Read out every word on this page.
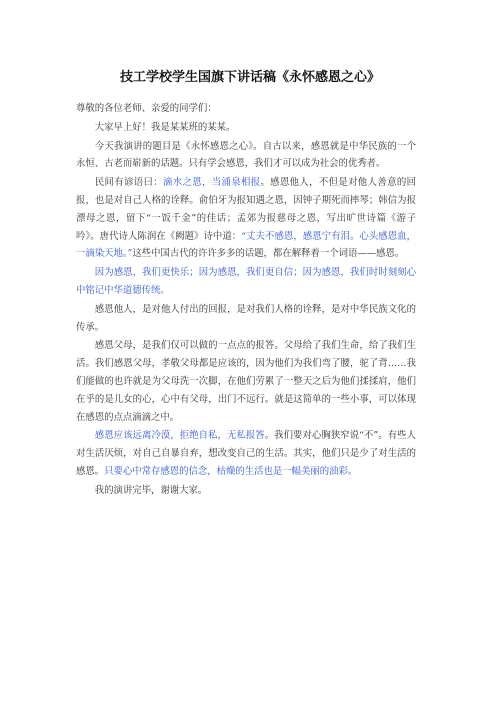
技工学校学生国旗下讲话稿《永怀感恩之心》

尊敬的各位老师、亲爱的同学们：

大家早上好！我是某某班的某某。

今天我演讲的题目是《永怀感恩之心》。自古以来，感恩就是中华民族的一个永恒、古老而崭新的话题。只有学会感恩，我们才可以成为社会的优秀者。

民间有谚语曰：滴水之恩，当涌泉相报。感恩他人，不但是对他人善意的回报，也是对自己人格的诠释。俞伯牙为报知遇之恩，因钟子期死而摔琴；韩信为报漂母之恩，留下“一饭千金”的佳话；孟郊为报慈母之恩，写出旷世诗篇《游子吟》。唐代诗人陈润在《阙题》诗中道：“丈夫不感恩，感恩宁有泪。心头感恩血，一滴染天地。”这些中国古代的许许多多的话题，都在解释着一个词语——感恩。

因为感恩，我们更快乐；因为感恩，我们更自信；因为感恩，我们时时刻刻心中铭记中华道德传统。

感恩他人，是对他人付出的回报，是对我们人格的诠释，是对中华民族文化的传承。

感恩父母，是我们仅可以做的一点点的报答。父母给了我们生命，给了我们生活。我们感恩父母，孝敬父母都是应该的，因为他们为我们弯了腰，驼了背……我们能做的也许就是为父母洗一次脚，在他们劳累了一整天之后为他们揉揉肩，他们在乎的是儿女的心，心中有父母，出门不远行。就是这简单的一些小事，可以体现在感恩的点点滴滴之中。

感恩应该远离冷漠，拒绝自私，无私报答。我们要对心胸狭窄说“不”。有些人对生活厌烦，对自己自暴自弃，想改变自己的生活。其实，他们只是少了对生活的感恩。只要心中常存感恩的信念，枯燥的生活也是一幅美丽的油彩。

我的演讲完毕，谢谢大家。
